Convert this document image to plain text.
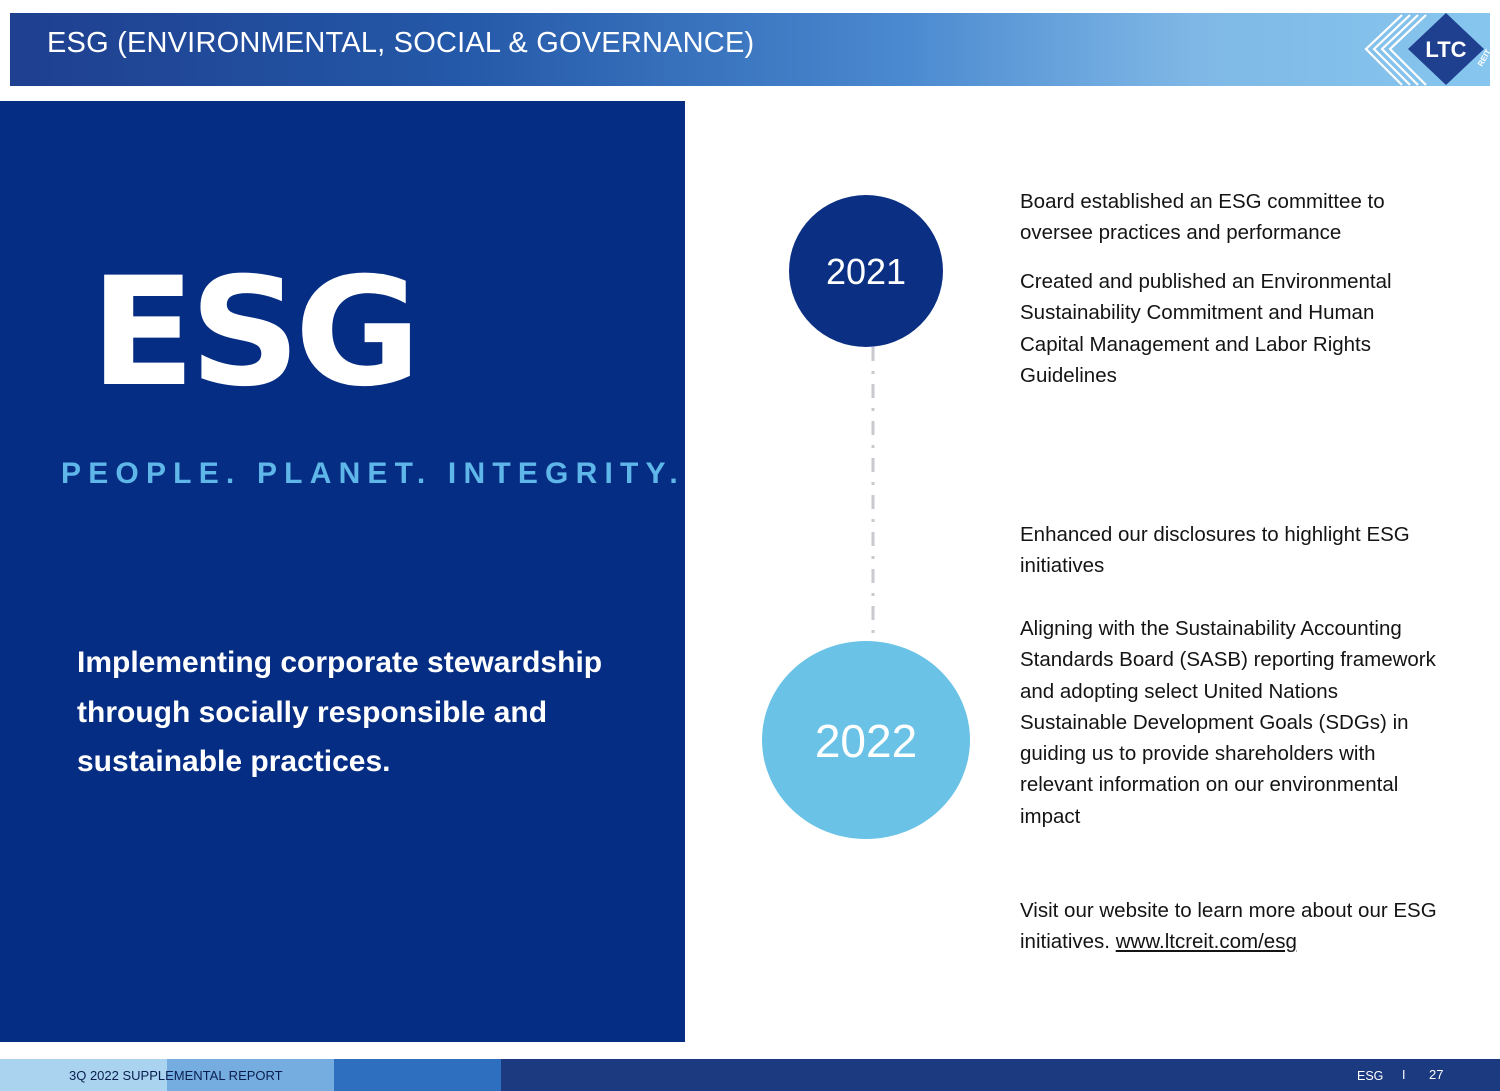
ESG (ENVIRONMENTAL, SOCIAL & GOVERNANCE)	LTC REIT
ESG
PEOPLE. PLANET. INTEGRITY.
Implementing corporate stewardship through socially responsible and sustainable practices.
2021
2022
Board established an ESG committee to oversee practices and performance
Created and published an Environmental Sustainability Commitment and Human Capital Management and Labor Rights Guidelines
Enhanced our disclosures to highlight ESG initiatives
Aligning with the Sustainability Accounting Standards Board (SASB) reporting framework and adopting select United Nations Sustainable Development Goals (SDGs) in guiding us to provide shareholders with relevant information on our environmental impact
Visit our website to learn more about our ESG initiatives. www.ltcreit.com/esg
3Q 2022 SUPPLEMENTAL REPORT	ESG I 27
